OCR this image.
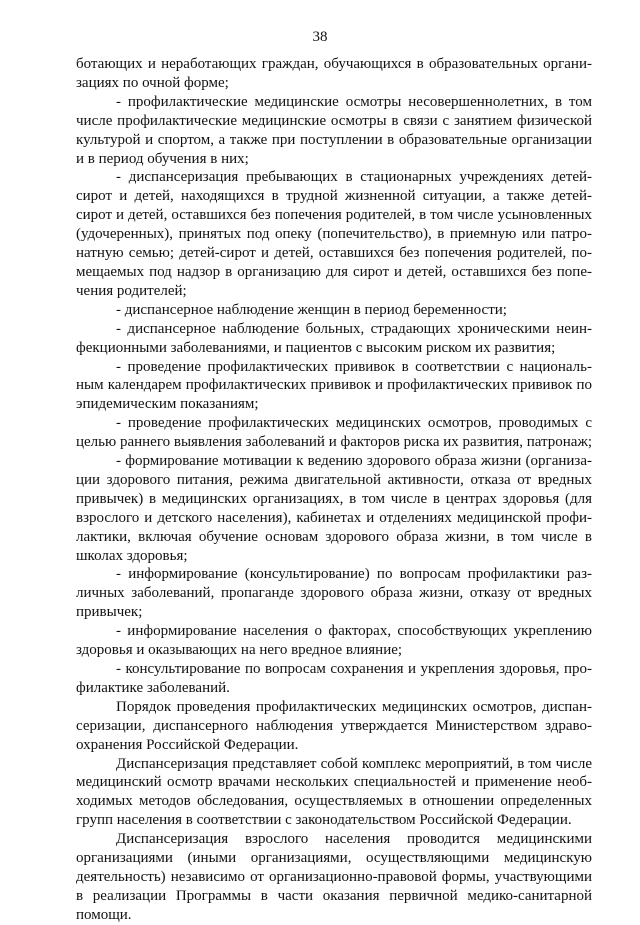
38

ботающих и неработающих граждан, обучающихся в образовательных организациях по очной форме;

- профилактические медицинские осмотры несовершеннолетних, в том числе профилактические медицинские осмотры в связи с занятием физической культурой и спортом, а также при поступлении в образовательные организации и в период обучения в них;

- диспансеризация пребывающих в стационарных учреждениях детей-сирот и детей, находящихся в трудной жизненной ситуации, а также детей-сирот и детей, оставшихся без попечения родителей, в том числе усыновленных (удочеренных), принятых под опеку (попечительство), в приемную или патронатную семью; детей-сирот и детей, оставшихся без попечения родителей, помещаемых под надзор в организацию для сирот и детей, оставшихся без попечения родителей;

- диспансерное наблюдение женщин в период беременности;

- диспансерное наблюдение больных, страдающих хроническими неинфекционными заболеваниями, и пациентов с высоким риском их развития;

- проведение профилактических прививок в соответствии с национальным календарем профилактических прививок и профилактических прививок по эпидемическим показаниям;

- проведение профилактических медицинских осмотров, проводимых с целью раннего выявления заболеваний и факторов риска их развития, патронаж;

- формирование мотивации к ведению здорового образа жизни (организации здорового питания, режима двигательной активности, отказа от вредных привычек) в медицинских организациях, в том числе в центрах здоровья (для взрослого и детского населения), кабинетах и отделениях медицинской профилактики, включая обучение основам здорового образа жизни, в том числе в школах здоровья;

- информирование (консультирование) по вопросам профилактики различных заболеваний, пропаганде здорового образа жизни, отказу от вредных привычек;

- информирование населения о факторах, способствующих укреплению здоровья и оказывающих на него вредное влияние;

- консультирование по вопросам сохранения и укрепления здоровья, профилактике заболеваний.

Порядок проведения профилактических медицинских осмотров, диспансеризации, диспансерного наблюдения утверждается Министерством здравоохранения Российской Федерации.

Диспансеризация представляет собой комплекс мероприятий, в том числе медицинский осмотр врачами нескольких специальностей и применение необходимых методов обследования, осуществляемых в отношении определенных групп населения в соответствии с законодательством Российской Федерации.

Диспансеризация взрослого населения проводится медицинскими организациями (иными организациями, осуществляющими медицинскую деятельность) независимо от организационно-правовой формы, участвующими в реализации Программы в части оказания первичной медико-санитарной помощи.
